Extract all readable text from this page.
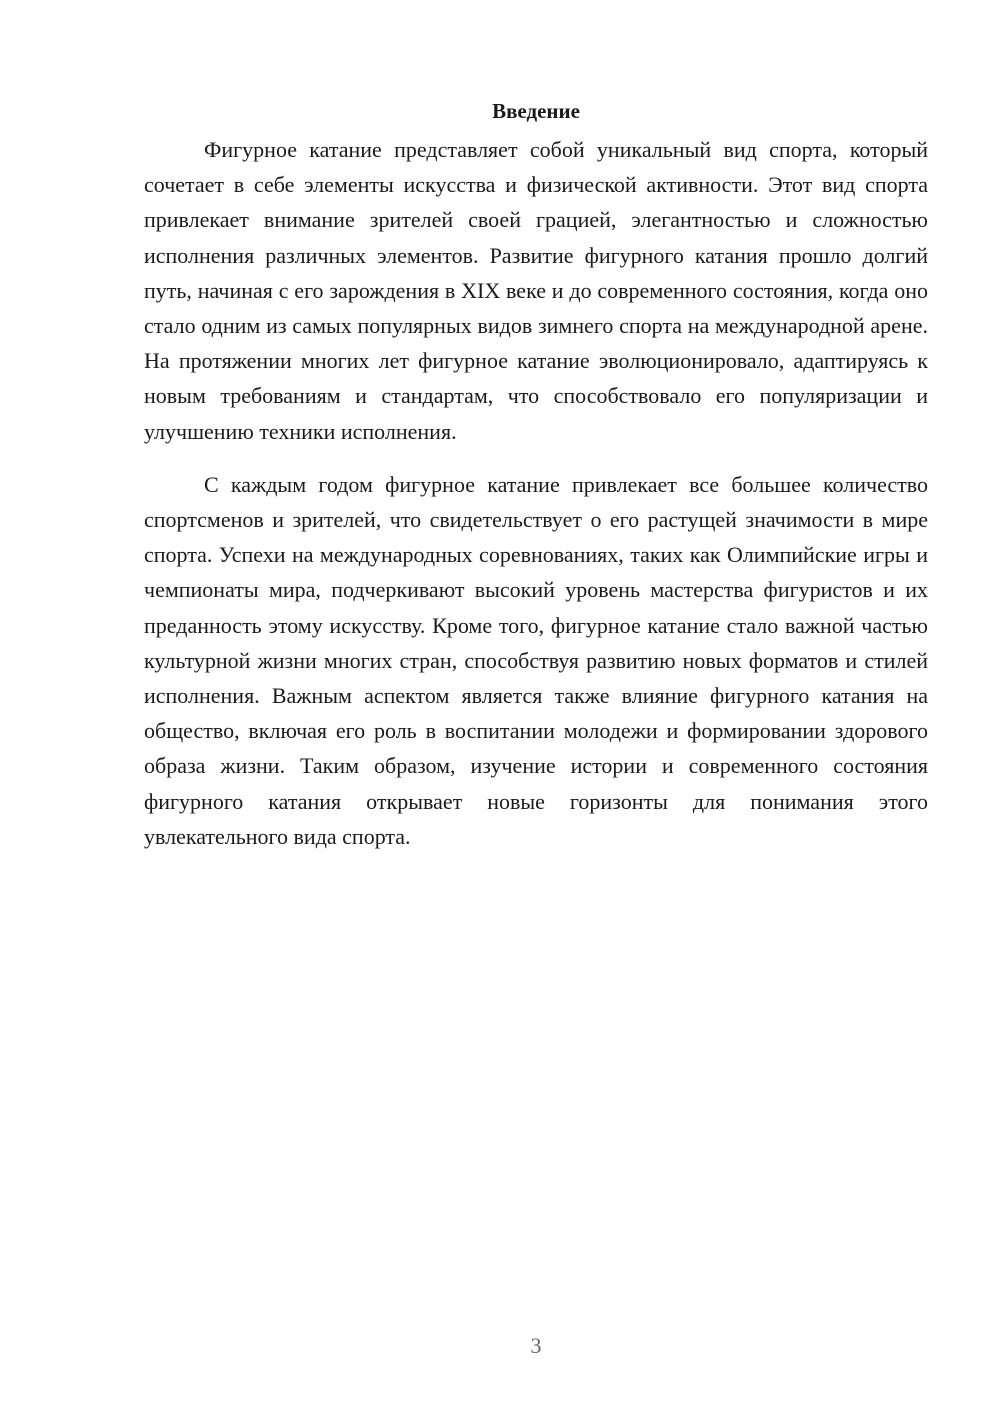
Введение

Фигурное катание представляет собой уникальный вид спорта, который сочетает в себе элементы искусства и физической активности. Этот вид спорта привлекает внимание зрителей своей грацией, элегантностью и сложностью исполнения различных элементов. Развитие фигурного катания прошло долгий путь, начиная с его зарождения в XIX веке и до современного состояния, когда оно стало одним из самых популярных видов зимнего спорта на международной арене. На протяжении многих лет фигурное катание эволюционировало, адаптируясь к новым требованиям и стандартам, что способствовало его популяризации и улучшению техники исполнения.

С каждым годом фигурное катание привлекает все большее количество спортсменов и зрителей, что свидетельствует о его растущей значимости в мире спорта. Успехи на международных соревнованиях, таких как Олимпийские игры и чемпионаты мира, подчеркивают высокий уровень мастерства фигуристов и их преданность этому искусству. Кроме того, фигурное катание стало важной частью культурной жизни многих стран, способствуя развитию новых форматов и стилей исполнения. Важным аспектом является также влияние фигурного катания на общество, включая его роль в воспитании молодежи и формировании здорового образа жизни. Таким образом, изучение истории и современного состояния фигурного катания открывает новые горизонты для понимания этого увлекательного вида спорта.

3
